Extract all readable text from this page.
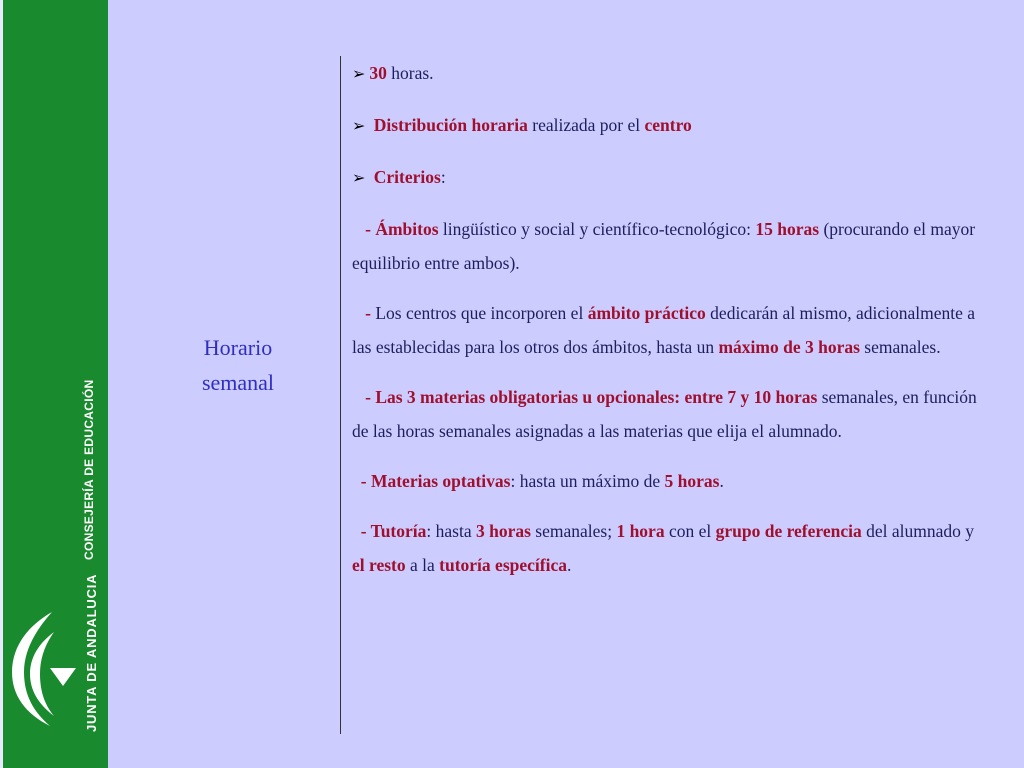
CONSEJERÍA DE EDUCACIÓN
JUNTA DE ANDALUCIA
Horario
semanal

➢ 30 horas.

➢ Distribución horaria realizada por el centro

➢ Criterios:

- Ámbitos lingüístico y social y científico-tecnológico: 15 horas (procurando el mayor equilibrio entre ambos).

- Los centros que incorporen el ámbito práctico dedicarán al mismo, adicionalmente a las establecidas para los otros dos ámbitos, hasta un máximo de 3 horas semanales.

- Las 3 materias obligatorias u opcionales: entre 7 y 10 horas semanales, en función de las horas semanales asignadas a las materias que elija el alumnado.

- Materias optativas: hasta un máximo de 5 horas.

- Tutoría: hasta 3 horas semanales; 1 hora con el grupo de referencia del alumnado y el resto a la tutoría específica.
